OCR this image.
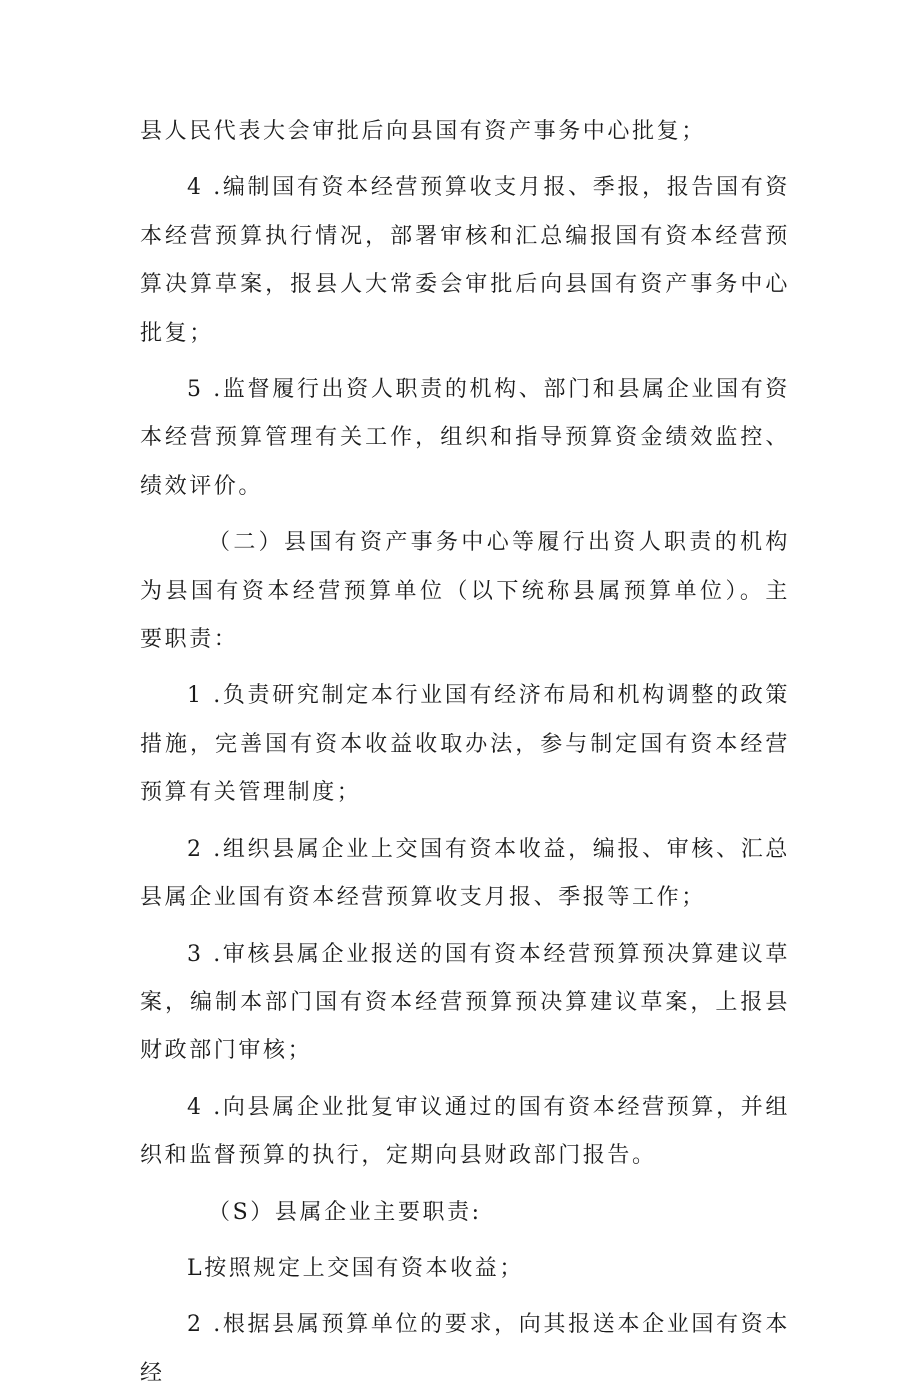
县人民代表大会审批后向县国有资产事务中心批复；

4 .编制国有资本经营预算收支月报、季报，报告国有资本经营预算执行情况，部署审核和汇总编报国有资本经营预算决算草案，报县人大常委会审批后向县国有资产事务中心批复；

5 .监督履行出资人职责的机构、部门和县属企业国有资本经营预算管理有关工作，组织和指导预算资金绩效监控、绩效评价。

（二）县国有资产事务中心等履行出资人职责的机构为县国有资本经营预算单位（以下统称县属预算单位）。主要职责：

1 .负责研究制定本行业国有经济布局和机构调整的政策措施，完善国有资本收益收取办法，参与制定国有资本经营预算有关管理制度；

2 .组织县属企业上交国有资本收益，编报、审核、汇总县属企业国有资本经营预算收支月报、季报等工作；

3 .审核县属企业报送的国有资本经营预算预决算建议草案，编制本部门国有资本经营预算预决算建议草案，上报县财政部门审核；

4 .向县属企业批复审议通过的国有资本经营预算，并组织和监督预算的执行，定期向县财政部门报告。

（S）县属企业主要职责:

L按照规定上交国有资本收益；

2 .根据县属预算单位的要求，向其报送本企业国有资本经
